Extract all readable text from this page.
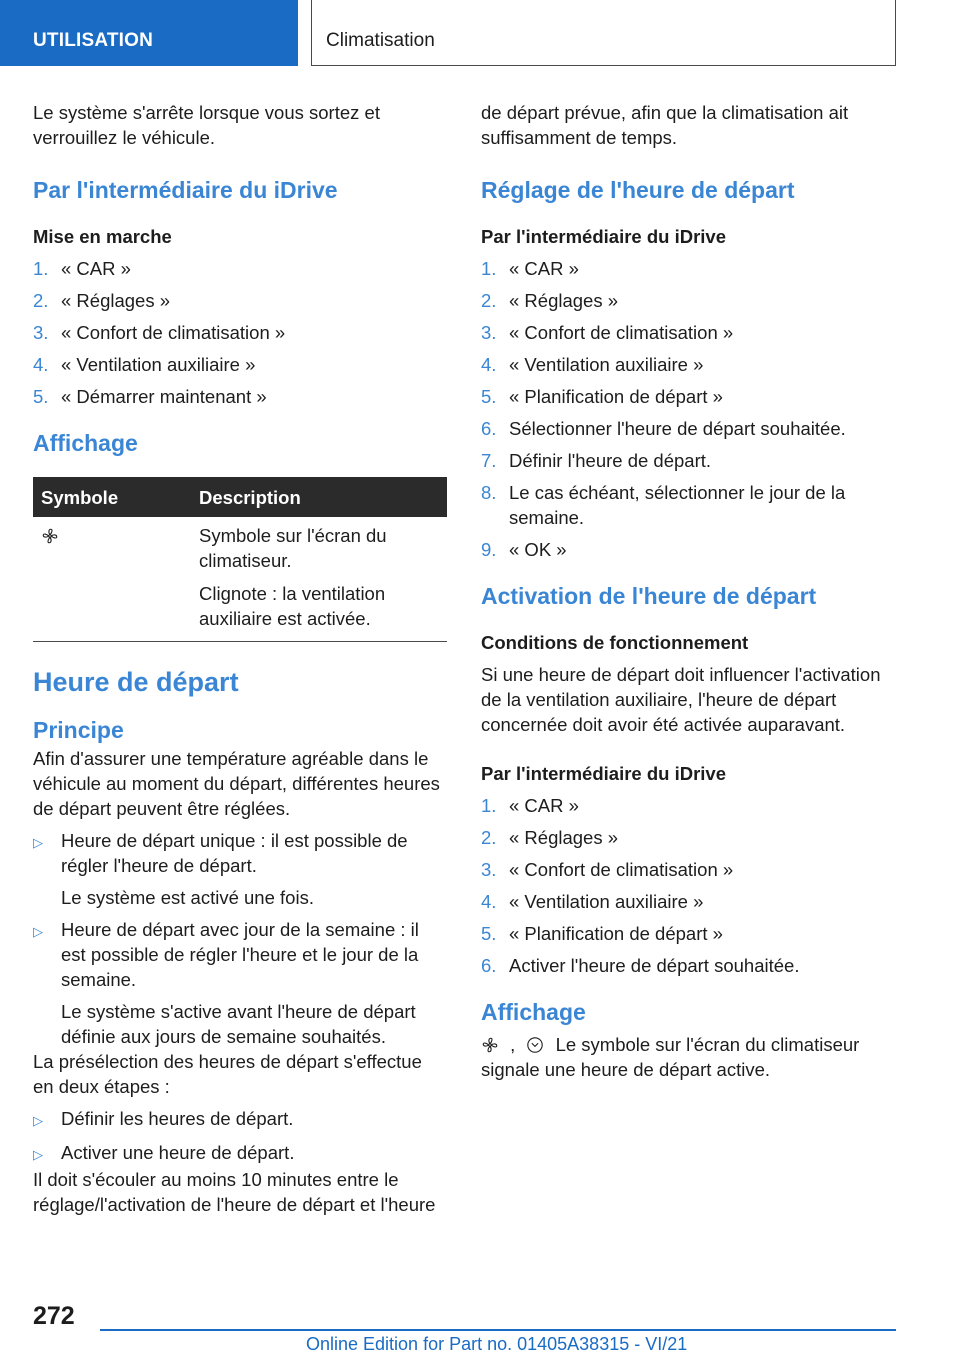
UTILISATION	Climatisation

Le système s'arrête lorsque vous sortez et verrouillez le véhicule.

Par l'intermédiaire du iDrive

Mise en marche

1. « CAR »
2. « Réglages »
3. « Confort de climatisation »
4. « Ventilation auxiliaire »
5. « Démarrer maintenant »

Affichage

Symbole	Description

Symbole sur l'écran du climatiseur.

Clignote : la ventilation auxiliaire est activée.

Heure de départ

Principe

Afin d'assurer une température agréable dans le véhicule au moment du départ, différentes heures de départ peuvent être réglées.

▷ Heure de départ unique : il est possible de régler l'heure de départ.
Le système est activé une fois.
▷ Heure de départ avec jour de la semaine : il est possible de régler l'heure et le jour de la semaine.
Le système s'active avant l'heure de départ définie aux jours de semaine souhaités.

La présélection des heures de départ s'effectue en deux étapes :

▷ Définir les heures de départ.
▷ Activer une heure de départ.

Il doit s'écouler au moins 10 minutes entre le réglage/l'activation de l'heure de départ et l'heure

de départ prévue, afin que la climatisation ait suffisamment de temps.

Réglage de l'heure de départ

Par l'intermédiaire du iDrive

1. « CAR »
2. « Réglages »
3. « Confort de climatisation »
4. « Ventilation auxiliaire »
5. « Planification de départ »
6. Sélectionner l'heure de départ souhaitée.
7. Définir l'heure de départ.
8. Le cas échéant, sélectionner le jour de la semaine.
9. « OK »

Activation de l'heure de départ

Conditions de fonctionnement

Si une heure de départ doit influencer l'activation de la ventilation auxiliaire, l'heure de départ concernée doit avoir été activée auparavant.

Par l'intermédiaire du iDrive

1. « CAR »
2. « Réglages »
3. « Confort de climatisation »
4. « Ventilation auxiliaire »
5. « Planification de départ »
6. Activer l'heure de départ souhaitée.

Affichage

, Le symbole sur l'écran du climatiseur signale une heure de départ active.

272
Online Edition for Part no. 01405A38315 - VI/21
